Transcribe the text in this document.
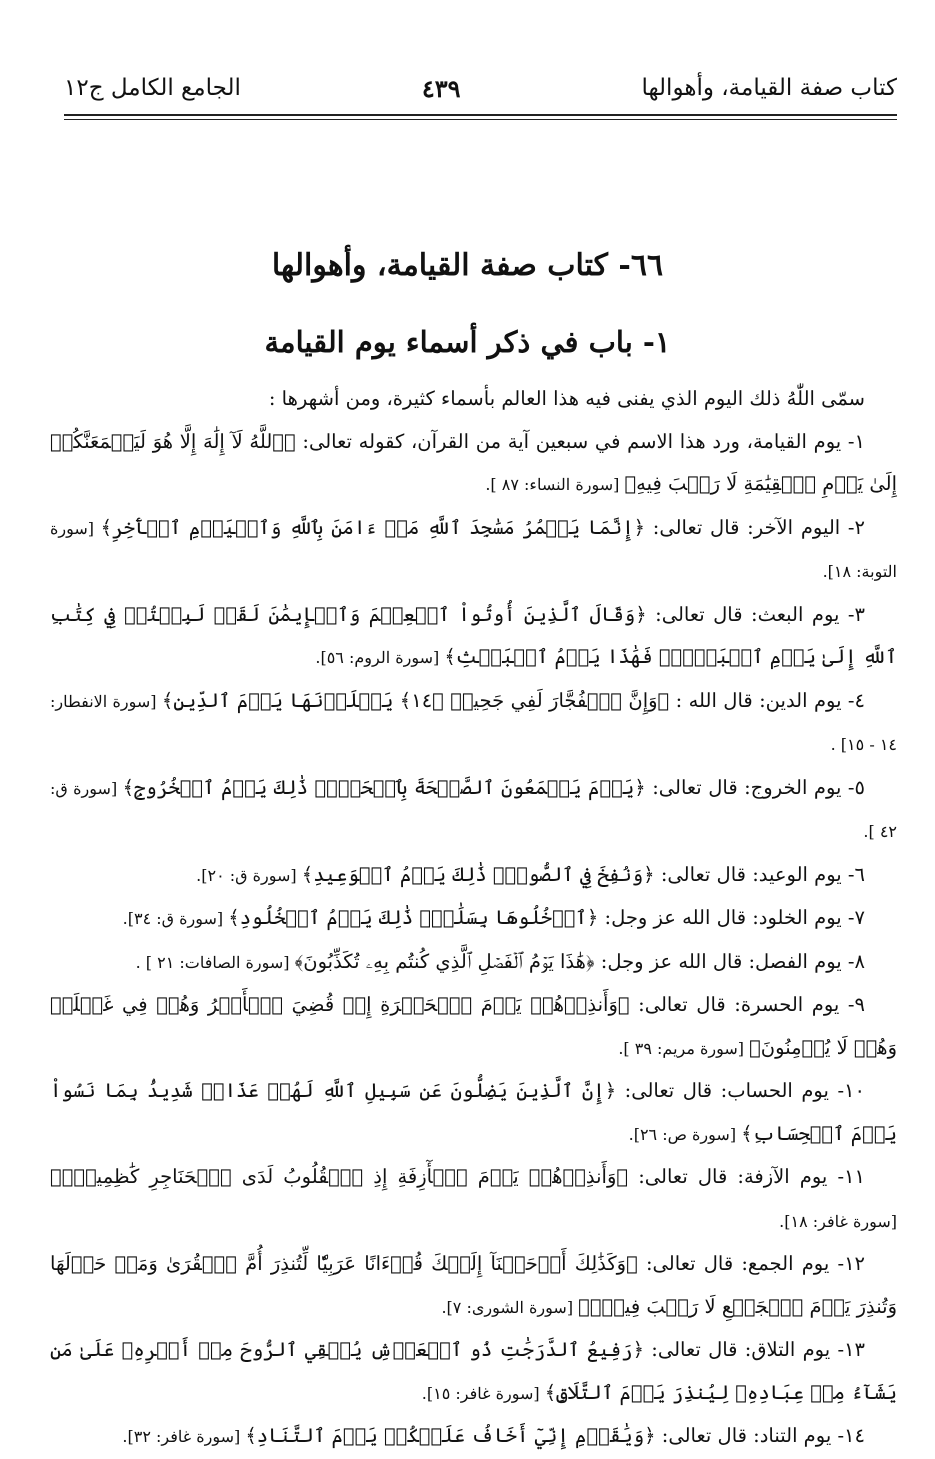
كتاب صفة القيامة، وأهوالها
٤٣٩
الجامع الكامل ج١٢
٦٦- كتاب صفة القيامة، وأهوالها
١- باب في ذكر أسماء يوم القيامة

سمّى اللّٰهُ ذلك اليوم الذي يفنى فيه هذا العالم بأسماء كثيرة، ومن أشهرها :

١- يوم القيامة، ورد هذا الاسم في سبعين آية من القرآن، كقوله تعالى: ﴿ٱللَّهُ لَآ إِلَٰهَ إِلَّا هُوَ لَيَجۡمَعَنَّكُمۡ إِلَىٰ يَوۡمِ ٱلۡقِيَٰمَةِ لَا رَيۡبَ فِيهِ﴾ [سورة النساء: ٨٧ ].

٢- اليوم الآخر: قال تعالى: ﴿إِنَّمَا يَعۡمُرُ مَسَٰجِدَ ٱللَّهِ مَنۡ ءَامَنَ بِٱللَّهِ وَٱلۡيَوۡمِ ٱلۡأٓخِرِ﴾ [سورة التوبة: ١٨].

٣- يوم البعث: قال تعالى: ﴿وَقَالَ ٱلَّذِينَ أُوتُواْ ٱلۡعِلۡمَ وَٱلۡإِيمَٰنَ لَقَدۡ لَبِثۡتُمۡ فِي كِتَٰبِ ٱللَّهِ إِلَىٰ يَوۡمِ ٱلۡبَعۡثِۖ فَهَٰذَا يَوۡمُ ٱلۡبَعۡثِ﴾ [سورة الروم: ٥٦].

٤- يوم الدين: قال الله : ﴿وَإِنَّ ٱلۡفُجَّارَ لَفِي جَحِيمٖ ﴿١٤﴾ يَصۡلَوۡنَهَا يَوۡمَ ٱلدِّينِ﴾ [سورة الانفطار: ١٤ - ١٥] .

٥- يوم الخروج: قال تعالى: ﴿يَوۡمَ يَسۡمَعُونَ ٱلصَّيۡحَةَ بِٱلۡحَقِّۚ ذَٰلِكَ يَوۡمُ ٱلۡخُرُوجِ﴾ [سورة ق: ٤٢ ].

٦- يوم الوعيد: قال تعالى: ﴿وَنُفِخَ فِي ٱلصُّورِۚ ذَٰلِكَ يَوۡمُ ٱلۡوَعِيدِ﴾ [سورة ق: ٢٠].

٧- يوم الخلود: قال الله عز وجل: ﴿ٱدۡخُلُوهَا بِسَلَٰمٖۖ ذَٰلِكَ يَوۡمُ ٱلۡخُلُودِ﴾ [سورة ق: ٣٤].

٨- يوم الفصل: قال الله عز وجل: ﴿هَٰذَا يَوۡمُ ٱلۡفَصۡلِ ٱلَّذِي كُنتُم بِهِۦ تُكَذِّبُونَ﴾ [سورة الصافات: ٢١ ] .

٩- يوم الحسرة: قال تعالى: ﴿وَأَنذِرۡهُمۡ يَوۡمَ ٱلۡحَسۡرَةِ إِذۡ قُضِيَ ٱلۡأَمۡرُ وَهُمۡ فِي غَفۡلَةٖ وَهُمۡ لَا يُؤۡمِنُونَ﴾ [سورة مريم: ٣٩ ].

١٠- يوم الحساب: قال تعالى: ﴿إِنَّ ٱلَّذِينَ يَضِلُّونَ عَن سَبِيلِ ٱللَّهِ لَهُمۡ عَذَابٞ شَدِيدُۢ بِمَا نَسُواْ يَوۡمَ ٱلۡحِسَابِ﴾ [سورة ص: ٢٦].

١١- يوم الآزفة: قال تعالى: ﴿وَأَنذِرۡهُمۡ يَوۡمَ ٱلۡأٓزِفَةِ إِذِ ٱلۡقُلُوبُ لَدَى ٱلۡحَنَاجِرِ كَٰظِمِينَۚ﴾ [سورة غافر: ١٨].

١٢- يوم الجمع: قال تعالى: ﴿وَكَذَٰلِكَ أَوۡحَيۡنَآ إِلَيۡكَ قُرۡءَانًا عَرَبِيّٗا لِّتُنذِرَ أُمَّ ٱلۡقُرَىٰ وَمَنۡ حَوۡلَهَا وَتُنذِرَ يَوۡمَ ٱلۡجَمۡعِ لَا رَيۡبَ فِيهِۚ﴾ [سورة الشورى: ٧].

١٣- يوم التلاق: قال تعالى: ﴿رَفِيعُ ٱلدَّرَجَٰتِ ذُو ٱلۡعَرۡشِ يُلۡقِي ٱلرُّوحَ مِنۡ أَمۡرِهِۦ عَلَىٰ مَن يَشَآءُ مِنۡ عِبَادِهِۦ لِيُنذِرَ يَوۡمَ ٱلتَّلَاقِ﴾ [سورة غافر: ١٥].

١٤- يوم التناد: قال تعالى: ﴿وَيَٰقَوۡمِ إِنِّيٓ أَخَافُ عَلَيۡكُمۡ يَوۡمَ ٱلتَّنَادِ﴾ [سورة غافر: ٣٢].
